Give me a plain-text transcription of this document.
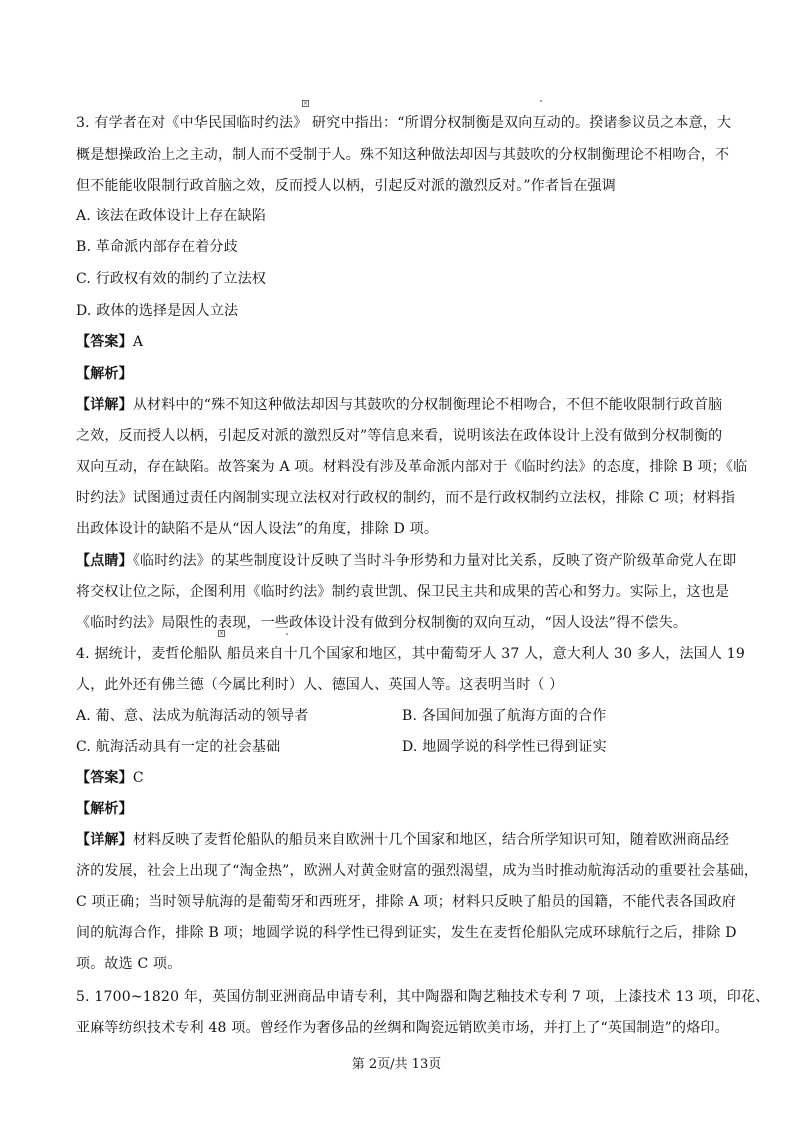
×
×
3. 有学者在对《中华民国临时约法》 研究中指出：“所谓分权制衡是双向互动的。揆诸参议员之本意，大
概是想操政治上之主动，制人而不受制于人。殊不知这种做法却因与其鼓吹的分权制衡理论不相吻合，不
但不能能收限制行政首脑之效，反而授人以柄，引起反对派的激烈反对。”作者旨在强调
A. 该法在政体设计上存在缺陷
B. 革命派内部存在着分歧
C. 行政权有效的制约了立法权
D. 政体的选择是因人立法
【答案】A
【解析】
【详解】从材料中的“殊不知这种做法却因与其鼓吹的分权制衡理论不相吻合，不但不能收限制行政首脑
之效，反而授人以柄，引起反对派的激烈反对”等信息来看，说明该法在政体设计上没有做到分权制衡的
双向互动，存在缺陷。故答案为 A 项。材料没有涉及革命派内部对于《临时约法》的态度，排除 B 项；《临
时约法》试图通过责任内阁制实现立法权对行政权的制约，而不是行政权制约立法权，排除 C 项；材料指
出政体设计的缺陷不是从“因人设法”的角度，排除 D 项。
【点睛】《临时约法》的某些制度设计反映了当时斗争形势和力量对比关系，反映了资产阶级革命党人在即
将交权让位之际，企图利用《临时约法》制约袁世凯、保卫民主共和成果的苦心和努力。实际上，这也是
《临时约法》局限性的表现，一些政体设计没有做到分权制衡的双向互动，“因人设法”得不偿失。
4. 据统计，麦哲伦船队 船员来自十几个国家和地区，其中葡萄牙人 37 人，意大利人 30 多人，法国人 19
人，此外还有佛兰德（今属比利时）人、德国人、英国人等。这表明当时（ ）
A. 葡、意、法成为航海活动的领导者	B. 各国间加强了航海方面的合作
C. 航海活动具有一定的社会基础	D. 地圆学说的科学性已得到证实
【答案】C
【解析】
【详解】材料反映了麦哲伦船队的船员来自欧洲十几个国家和地区，结合所学知识可知，随着欧洲商品经
济的发展，社会上出现了“淘金热”，欧洲人对黄金财富的强烈渴望，成为当时推动航海活动的重要社会基础，
C 项正确；当时领导航海的是葡萄牙和西班牙，排除 A 项；材料只反映了船员的国籍，不能代表各国政府
间的航海合作，排除 B 项；地圆学说的科学性已得到证实，发生在麦哲伦船队完成环球航行之后，排除 D
项。故选 C 项。
5. 1700~1820 年，英国仿制亚洲商品申请专利，其中陶器和陶艺釉技术专利 7 项，上漆技术 13 项，印花、
亚麻等纺织技术专利 48 项。曾经作为奢侈品的丝绸和陶瓷远销欧美市场，并打上了“英国制造”的烙印。
第 2页/共 13页
